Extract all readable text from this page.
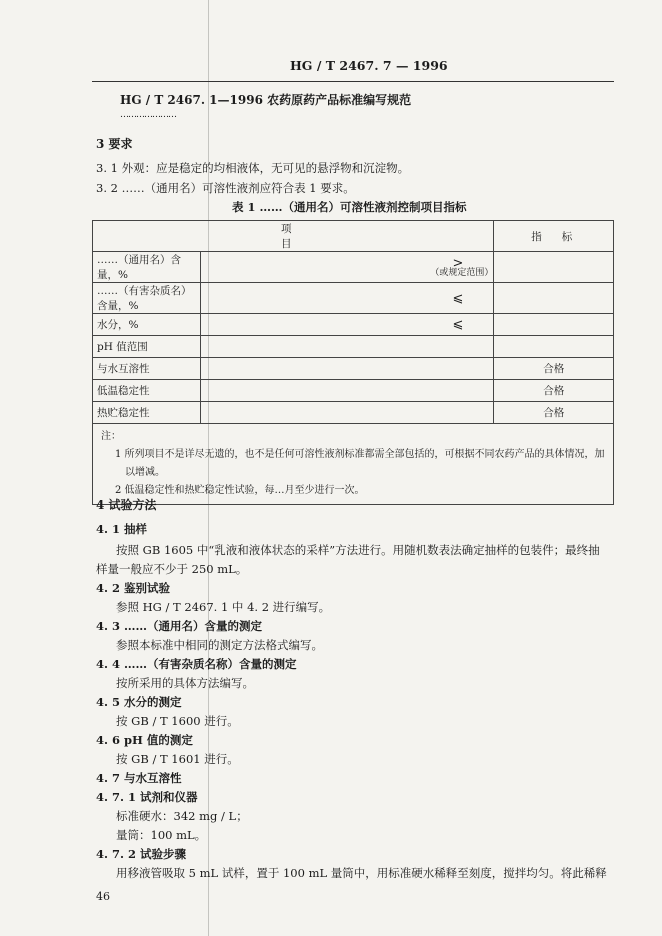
HG / T 2467. 7 — 1996
HG / T 2467. 1—1996 农药原药产品标准编写规范
…………………
3 要求
3. 1 外观：应是稳定的均相液体，无可见的悬浮物和沉淀物。
3. 2 ……（通用名）可溶性液剂应符合表 1 要求。
表 1 ……（通用名）可溶性液剂控制项目指标
项目		指标
……（通用名）含量，%	>
（或规定范围）	

……（有害杂质名）含量，%	⩽	
水分，%	⩽	
pH 值范围		
与水互溶性		合格
低温稳定性		合格
热贮稳定性		合格

注：
1 所列项目不是详尽无遗的，也不是任何可溶性液剂标准都需全部包括的，可根据不同农药产品的具体情况，加以增减。
2 低温稳定性和热贮稳定性试验，每…月至少进行一次。		
4 试验方法
4. 1 抽样
按照 GB 1605 中“乳液和液体状态的采样”方法进行。用随机数表法确定抽样的包装件；最终抽
样量一般应不少于 250 mL。
4. 2 鉴别试验
参照 HG / T 2467. 1 中 4. 2 进行编写。
4. 3 ……（通用名）含量的测定
参照本标准中相同的测定方法格式编写。
4. 4 ……（有害杂质名称）含量的测定
按所采用的具体方法编写。
4. 5 水分的测定
按 GB / T 1600 进行。
4. 6 pH 值的测定
按 GB / T 1601 进行。
4. 7 与水互溶性
4. 7. 1 试剂和仪器
标准硬水：342 mg / L；
量筒：100 mL。
4. 7. 2 试验步骤
用移液管吸取 5 mL 试样，置于 100 mL 量筒中，用标准硬水稀释至刻度，搅拌均匀。将此稀释
46
